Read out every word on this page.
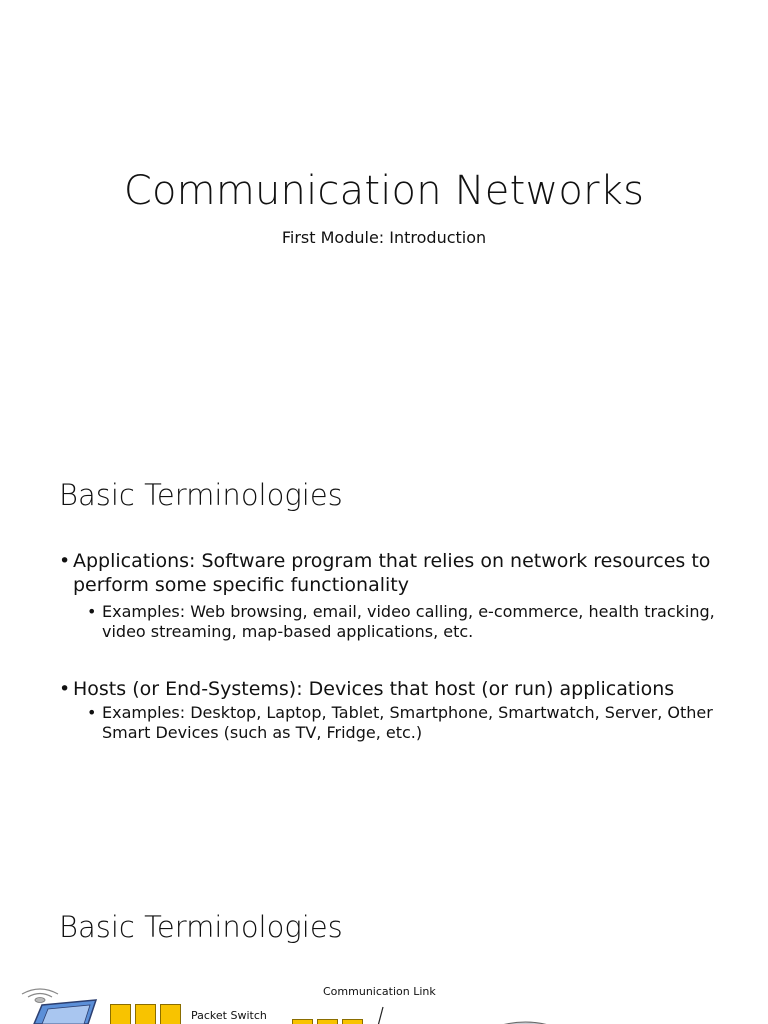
Communication Networks

First Module: Introduction

Basic Terminologies
• Applications: Software program that relies on network resources to perform some specific functionality
• Examples: Web browsing, email, video calling, e-commerce, health tracking, video streaming, map-based applications, etc.
• Hosts (or End-Systems): Devices that host (or run) applications
• Examples: Desktop, Laptop, Tablet, Smartphone, Smartwatch, Server, Other Smart Devices (such as TV, Fridge, etc.)
Basic Terminologies
Communication Link
Packet Switch
